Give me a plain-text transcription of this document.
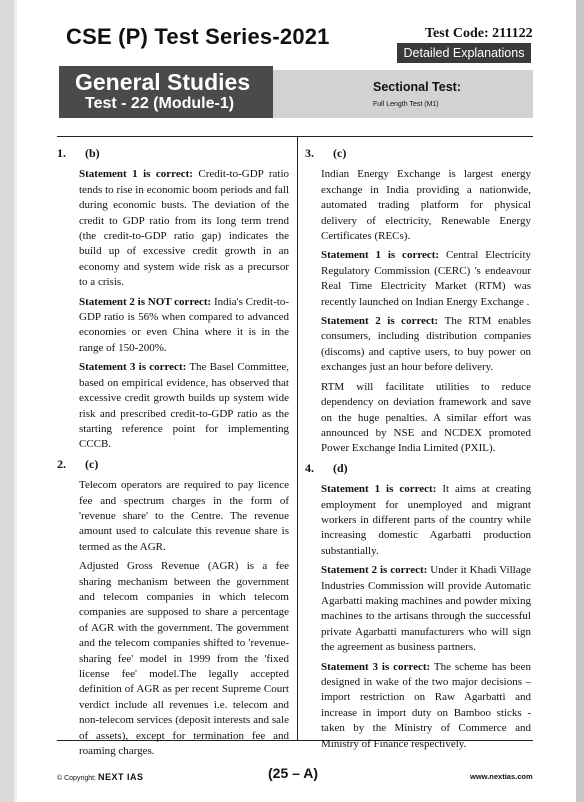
CSE (P) Test Series-2021	Test Code: 211122
Detailed Explanations
General Studies
Test - 22 (Module-1)
Sectional Test:
Full Length Test (M1)
1. (b)

Statement 1 is correct: Credit-to-GDP ratio tends to rise in economic boom periods and fall during economic busts. The deviation of the credit to GDP ratio from its long term trend (the credit-to-GDP ratio gap) indicates the build up of excessive credit growth in an economy and system wide risk as a precursor to a crisis.

Statement 2 is NOT correct: India's Credit-to-GDP ratio is 56% when compared to advanced economies or even China where it is in the range of 150-200%.

Statement 3 is correct: The Basel Committee, based on empirical evidence, has observed that excessive credit growth builds up system wide risk and prescribed credit-to-GDP ratio as the starting reference point for implementing CCCB.

2. (c)

Telecom operators are required to pay licence fee and spectrum charges in the form of 'revenue share' to the Centre. The revenue amount used to calculate this revenue share is termed as the AGR.

Adjusted Gross Revenue (AGR) is a fee sharing mechanism between the government and telecom companies in which telecom companies are supposed to share a percentage of AGR with the government. The government and the telecom companies shifted to 'revenue-sharing fee' model in 1999 from the 'fixed license fee' model.The legally accepted definition of AGR as per recent Supreme Court verdict include all revenues i.e. telecom and non-telecom services (deposit interests and sale of assets), except for termination fee and roaming charges.

3. (c)

Indian Energy Exchange is largest energy exchange in India providing a nationwide, automated trading platform for physical delivery of electricity, Renewable Energy Certificates (RECs).

Statement 1 is correct: Central Electricity Regulatory Commission (CERC) 's endeavour Real Time Electricity Market (RTM) was recently launched on Indian Energy Exchange .

Statement 2 is correct: The RTM enables consumers, including distribution companies (discoms) and captive users, to buy power on exchanges just an hour before delivery.

RTM will facilitate utilities to reduce dependency on deviation framework and save on the huge penalties. A similar effort was announced by NSE and NCDEX promoted Power Exchange India Limited (PXIL).

4. (d)

Statement 1 is correct: It aims at creating employment for unemployed and migrant workers in different parts of the country while increasing domestic Agarbatti production substantially.

Statement 2 is correct: Under it Khadi Village Industries Commission will provide Automatic Agarbatti making machines and powder mixing machines to the artisans through the successful private Agarbatti manufacturers who will sign the agreement as business partners.

Statement 3 is correct: The scheme has been designed in wake of the two major decisions – import restriction on Raw Agarbatti and increase in import duty on Bamboo sticks - taken by the Ministry of Commerce and Ministry of Finance respectively.

© Copyright: NEXT IAS	(25 – A)	www.nextias.com
